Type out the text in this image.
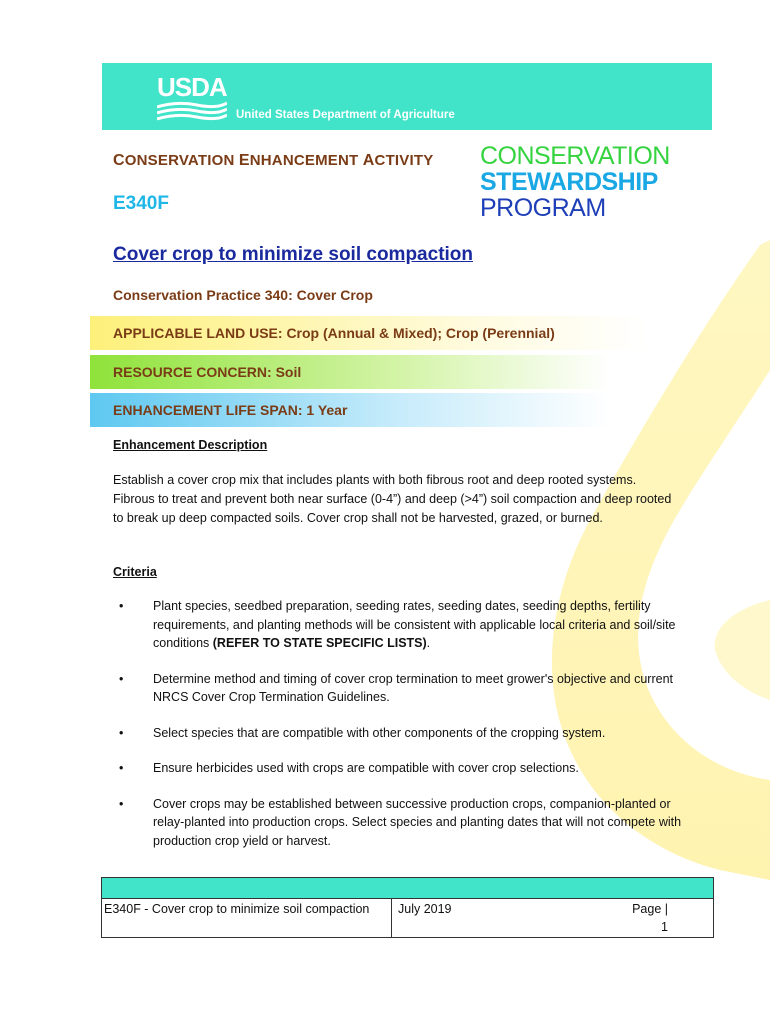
USDA
United States Department of Agriculture
CONSERVATION ENHANCEMENT ACTIVITY
E340F
CONSERVATION
STEWARDSHIP
PROGRAM
Cover crop to minimize soil compaction
Conservation Practice 340: Cover Crop
APPLICABLE LAND USE: Crop (Annual & Mixed); Crop (Perennial)
RESOURCE CONCERN: Soil
ENHANCEMENT LIFE SPAN: 1 Year
Enhancement Description
Establish a cover crop mix that includes plants with both fibrous root and deep rooted systems. Fibrous to treat and prevent both near surface (0-4”) and deep (>4”) soil compaction and deep rooted to break up deep compacted soils. Cover crop shall not be harvested, grazed, or burned.
Criteria
• Plant species, seedbed preparation, seeding rates, seeding dates, seeding depths, fertility requirements, and planting methods will be consistent with applicable local criteria and soil/site conditions (REFER TO STATE SPECIFIC LISTS).
• Determine method and timing of cover crop termination to meet grower's objective and current NRCS Cover Crop Termination Guidelines.
• Select species that are compatible with other components of the cropping system.
• Ensure herbicides used with crops are compatible with cover crop selections.
• Cover crops may be established between successive production crops, companion-planted or relay-planted into production crops. Select species and planting dates that will not compete with production crop yield or harvest.
E340F - Cover crop to minimize soil compaction	July 2019	Page | 1
